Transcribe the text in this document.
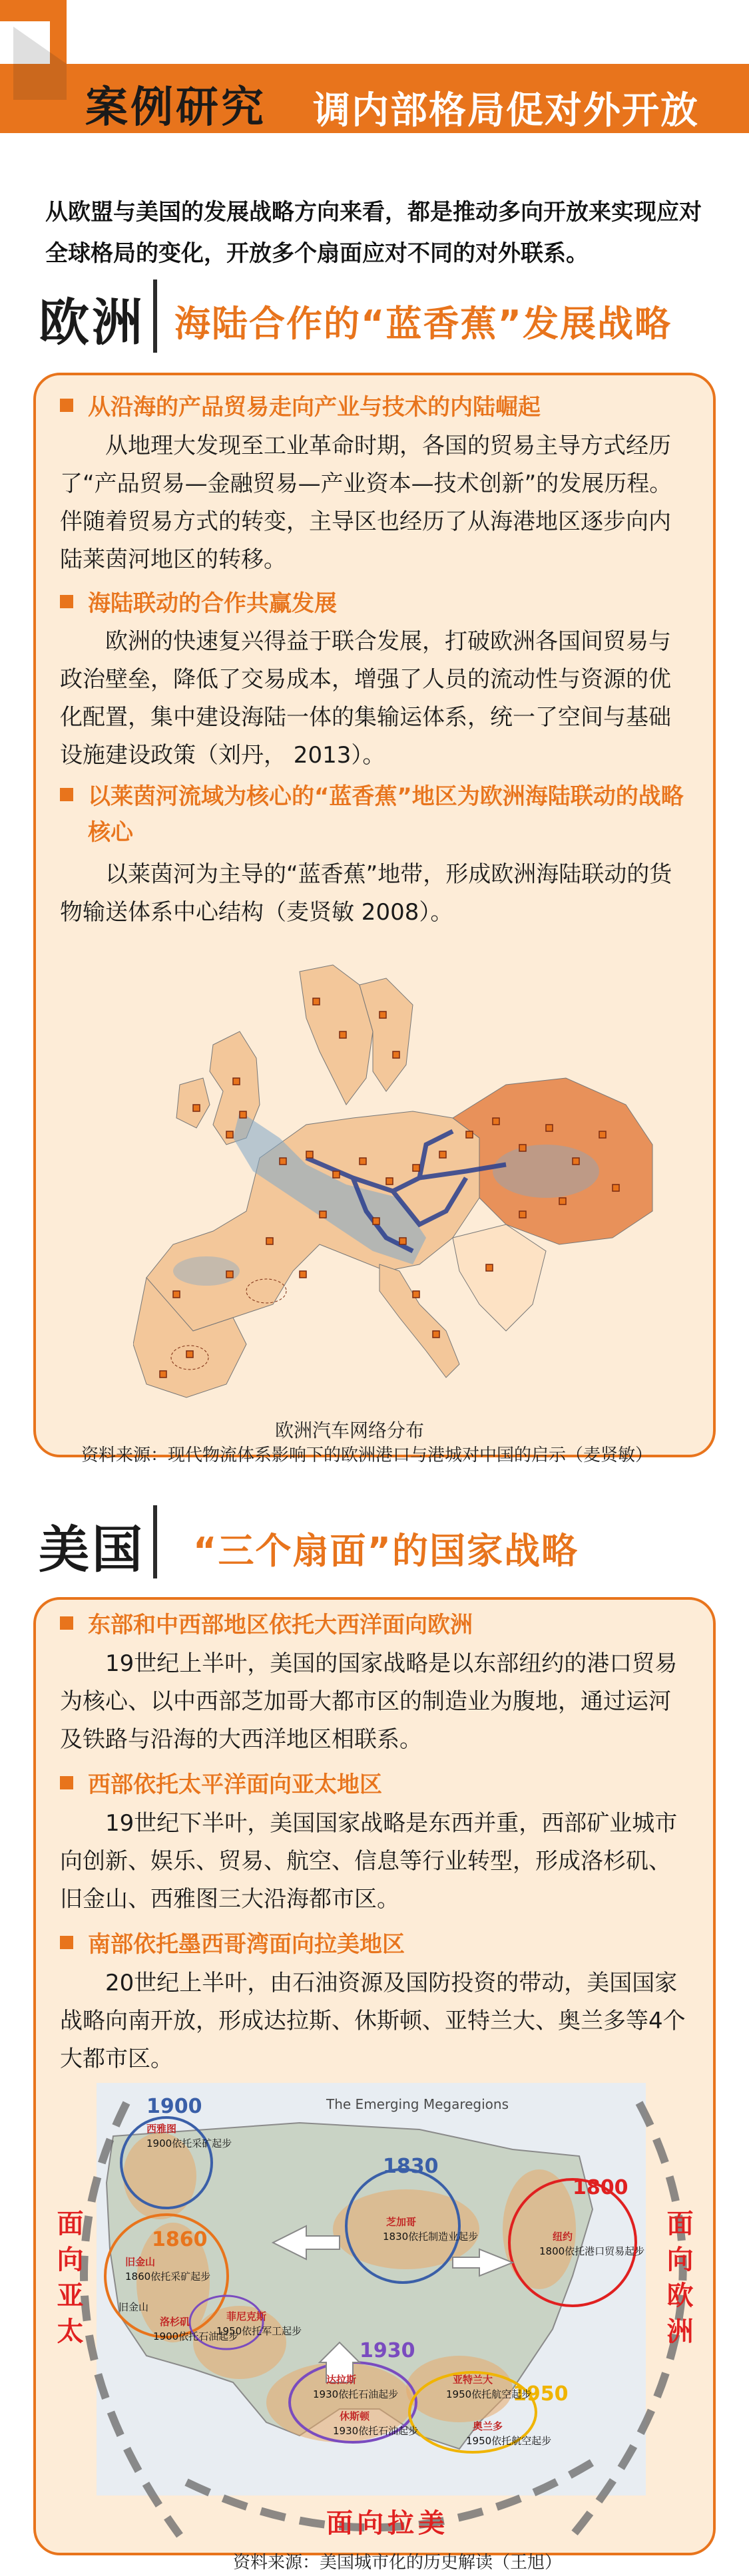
案例研究 调内部格局促对外开放
从欧盟与美国的发展战略方向来看，都是推动多向开放来实现应对全球格局的变化，开放多个扇面应对不同的对外联系。
欧洲 海陆合作的“蓝香蕉”发展战略
从沿海的产品贸易走向产业与技术的内陆崛起
从地理大发现至工业革命时期，各国的贸易主导方式经历了“产品贸易—金融贸易—产业资本—技术创新”的发展历程。伴随着贸易方式的转变，主导区也经历了从海港地区逐步向内陆莱茵河地区的转移。
海陆联动的合作共赢发展
欧洲的快速复兴得益于联合发展，打破欧洲各国间贸易与政治壁垒，降低了交易成本，增强了人员的流动性与资源的优化配置，集中建设海陆一体的集输运体系，统一了空间与基础设施建设政策（刘丹， 2013）。
以莱茵河流域为核心的“蓝香蕉”地区为欧洲海陆联动的战略核心
以莱茵河为主导的“蓝香蕉”地带，形成欧洲海陆联动的货物输送体系中心结构（麦贤敏 2008）。
欧洲汽车网络分布
资料来源：现代物流体系影响下的欧洲港口与港城对中国的启示（麦贤敏）
美国 “三个扇面”的国家战略
东部和中西部地区依托大西洋面向欧洲
19世纪上半叶，美国的国家战略是以东部纽约的港口贸易为核心、以中西部芝加哥大都市区的制造业为腹地，通过运河及铁路与沿海的大西洋地区相联系。
西部依托太平洋面向亚太地区
19世纪下半叶，美国国家战略是东西并重，西部矿业城市向创新、娱乐、贸易、航空、信息等行业转型，形成洛杉矶、旧金山、西雅图三大沿海都市区。
南部依托墨西哥湾面向拉美地区
20世纪上半叶，由石油资源及国防投资的带动，美国国家战略向南开放，形成达拉斯、休斯顿、亚特兰大、奥兰多等4个大都市区。
The Emerging Megaregions
1900
1860
1830
1800
1930
1950
西雅图
1900依托采矿起步
旧金山
1860依托采矿起步
旧金山
洛杉矶
1900依托石油起步
菲尼克斯
1950依托军工起步
芝加哥
1830依托制造业起步	纽约
1800依托港口贸易起步
达拉斯
1930依托石油起步
亚特兰大
1950依托航空起步
休斯顿
1930依托石油起步	奥兰多
1950依托航空起步
面向亚太	面向欧洲
面向拉美
资料来源：美国城市化的历史解读（王旭）
